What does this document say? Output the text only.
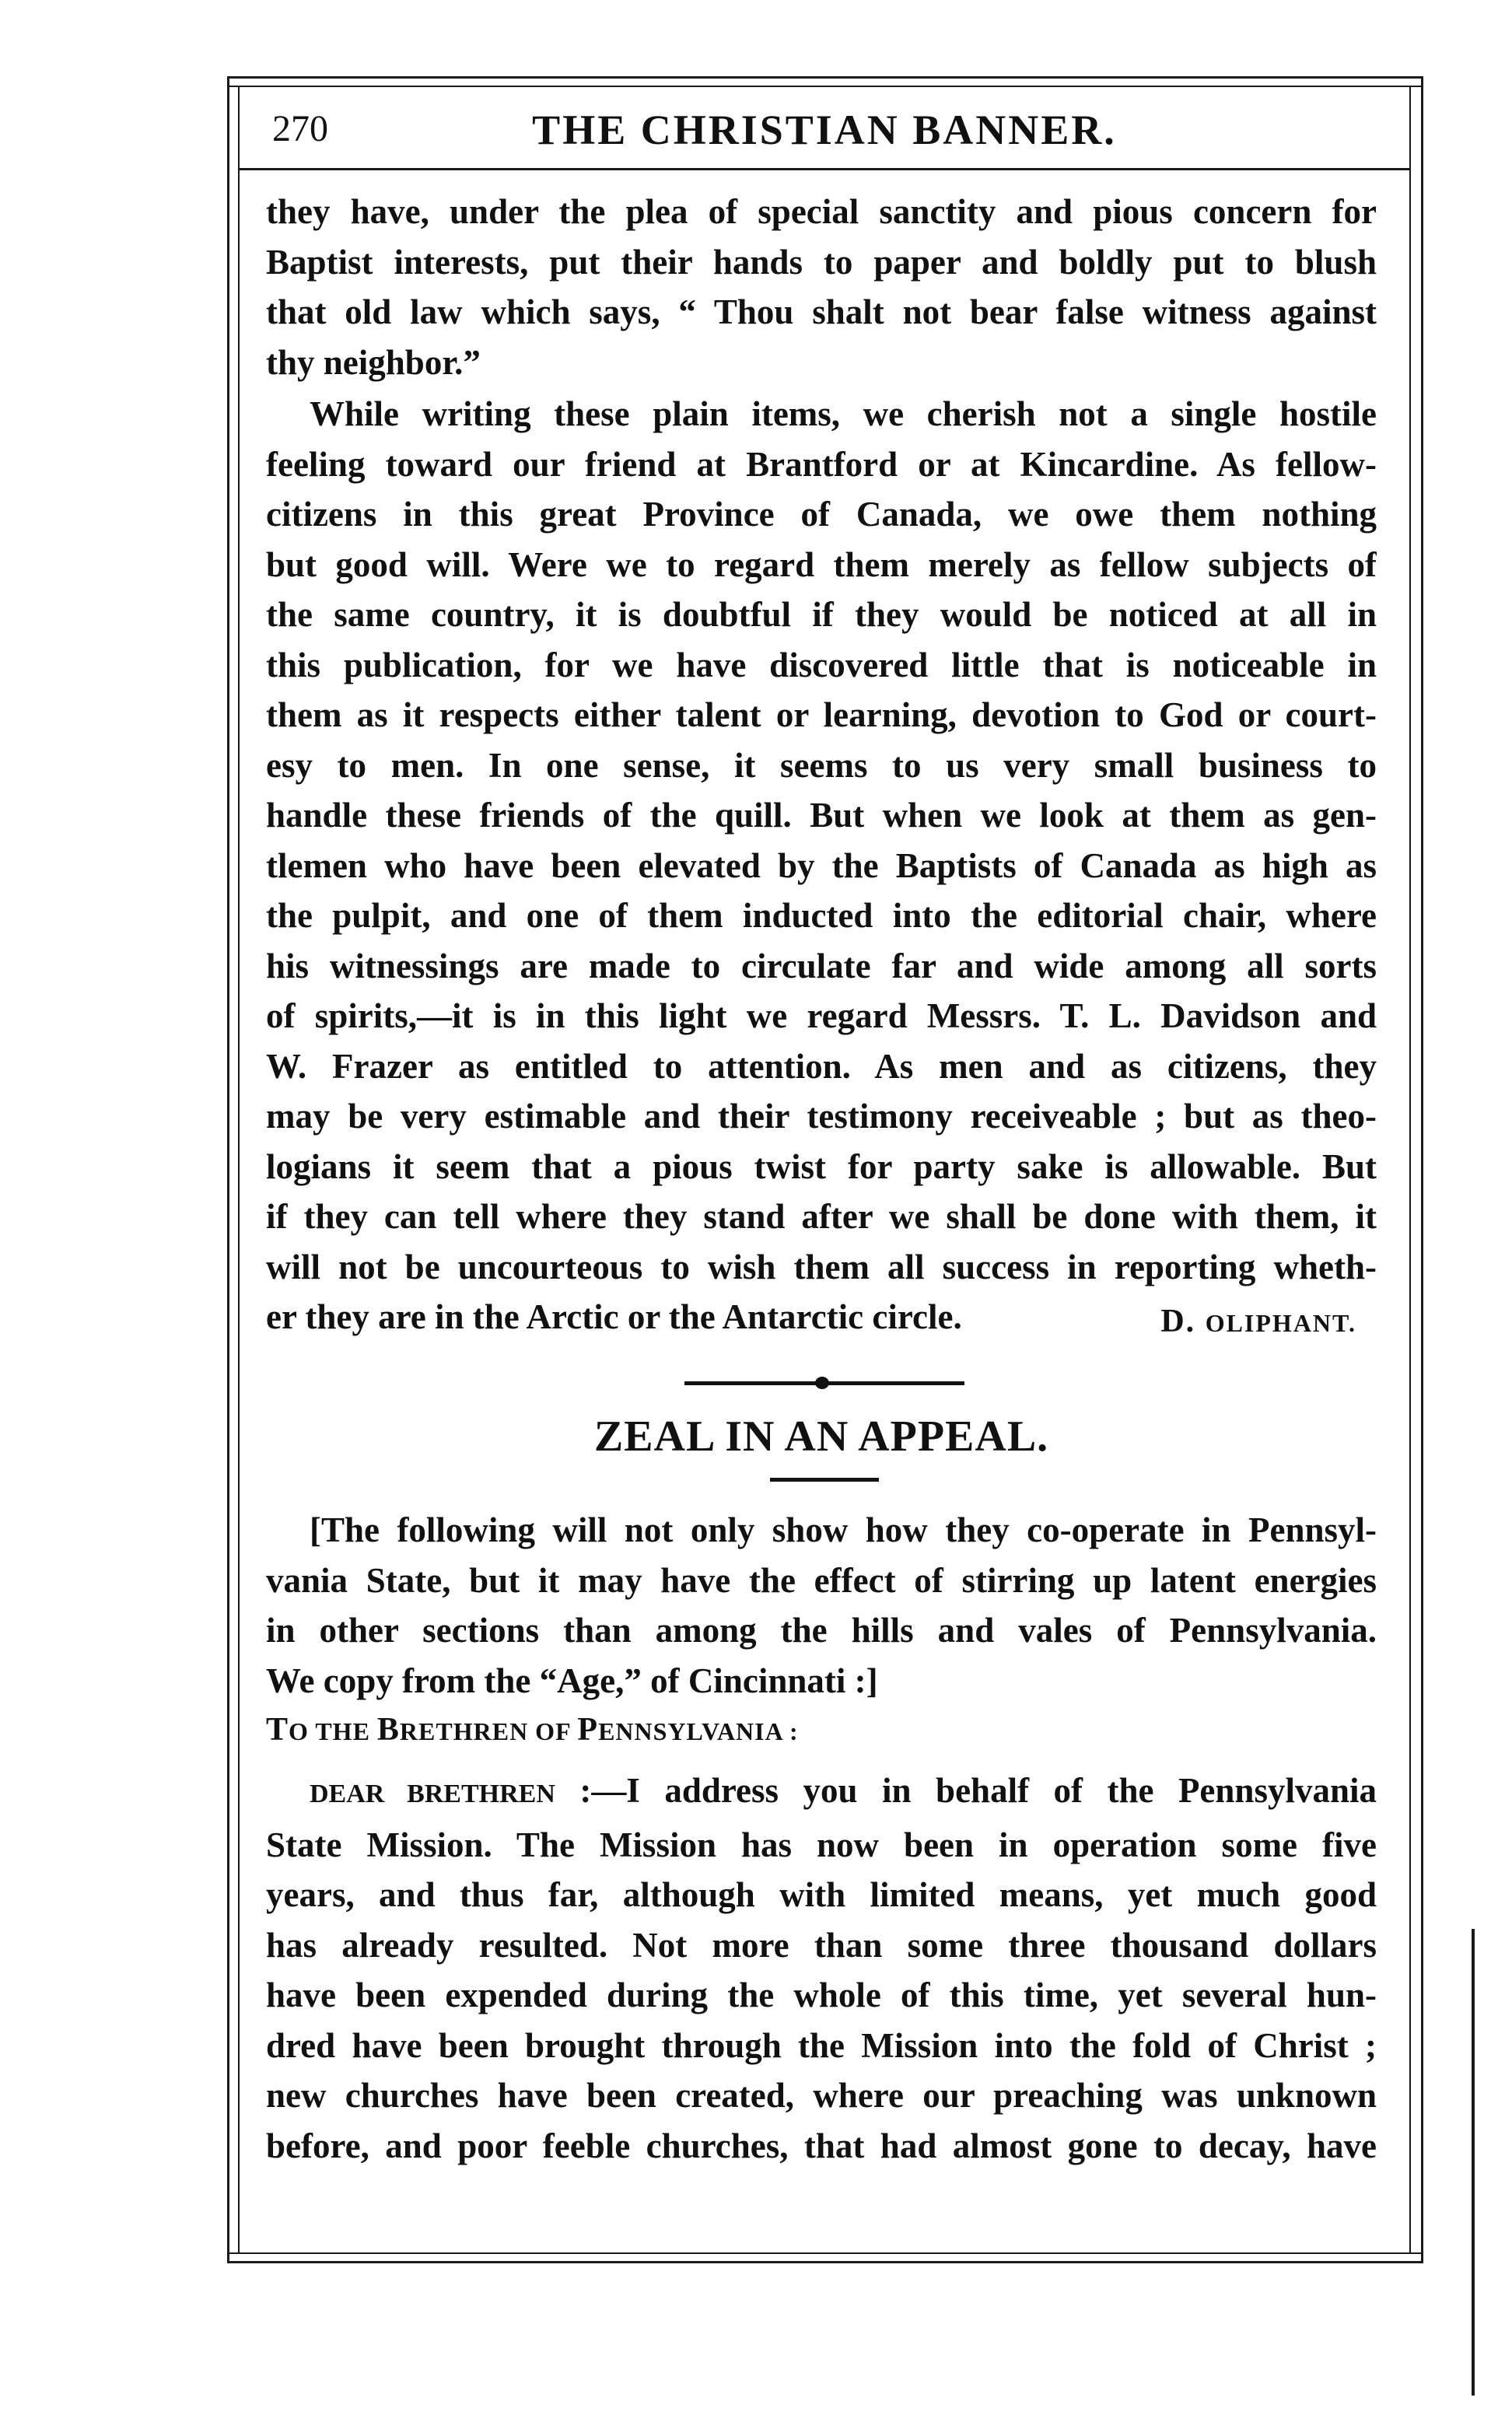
270	THE CHRISTIAN BANNER.
they have, under the plea of special sanctity and pious concern for
Baptist interests, put their hands to paper and boldly put to blush
that old law which says, “ Thou shalt not bear false witness against
thy neighbor.”
While writing these plain items, we cherish not a single hostile
feeling toward our friend at Brantford or at Kincardine. As fellow-
citizens in this great Province of Canada, we owe them nothing
but good will. Were we to regard them merely as fellow subjects of
the same country, it is doubtful if they would be noticed at all in
this publication, for we have discovered little that is noticeable in
them as it respects either talent or learning, devotion to God or court-
esy to men. In one sense, it seems to us very small business to
handle these friends of the quill. But when we look at them as gen-
tlemen who have been elevated by the Baptists of Canada as high as
the pulpit, and one of them inducted into the editorial chair, where
his witnessings are made to circulate far and wide among all sorts
of spirits,—it is in this light we regard Messrs. T. L. Davidson and
W. Frazer as entitled to attention. As men and as citizens, they
may be very estimable and their testimony receiveable ; but as theo-
logians it seem that a pious twist for party sake is allowable. But
if they can tell where they stand after we shall be done with them, it
will not be uncourteous to wish them all success in reporting wheth-
er they are in the Arctic or the Antarctic circle.	D. OLIPHANT.
ZEAL IN AN APPEAL.
[The following will not only show how they co-operate in Pennsyl-
vania State, but it may have the effect of stirring up latent energies
in other sections than among the hills and vales of Pennsylvania.
We copy from the “Age,” of Cincinnati :]
TO THE BRETHREN OF PENNSYLVANIA :
DEAR BRETHREN :—I address you in behalf of the Pennsylvania
State Mission. The Mission has now been in operation some five
years, and thus far, although with limited means, yet much good
has already resulted. Not more than some three thousand dollars
have been expended during the whole of this time, yet several hun-
dred have been brought through the Mission into the fold of Christ ;
new churches have been created, where our preaching was unknown
before, and poor feeble churches, that had almost gone to decay, have
